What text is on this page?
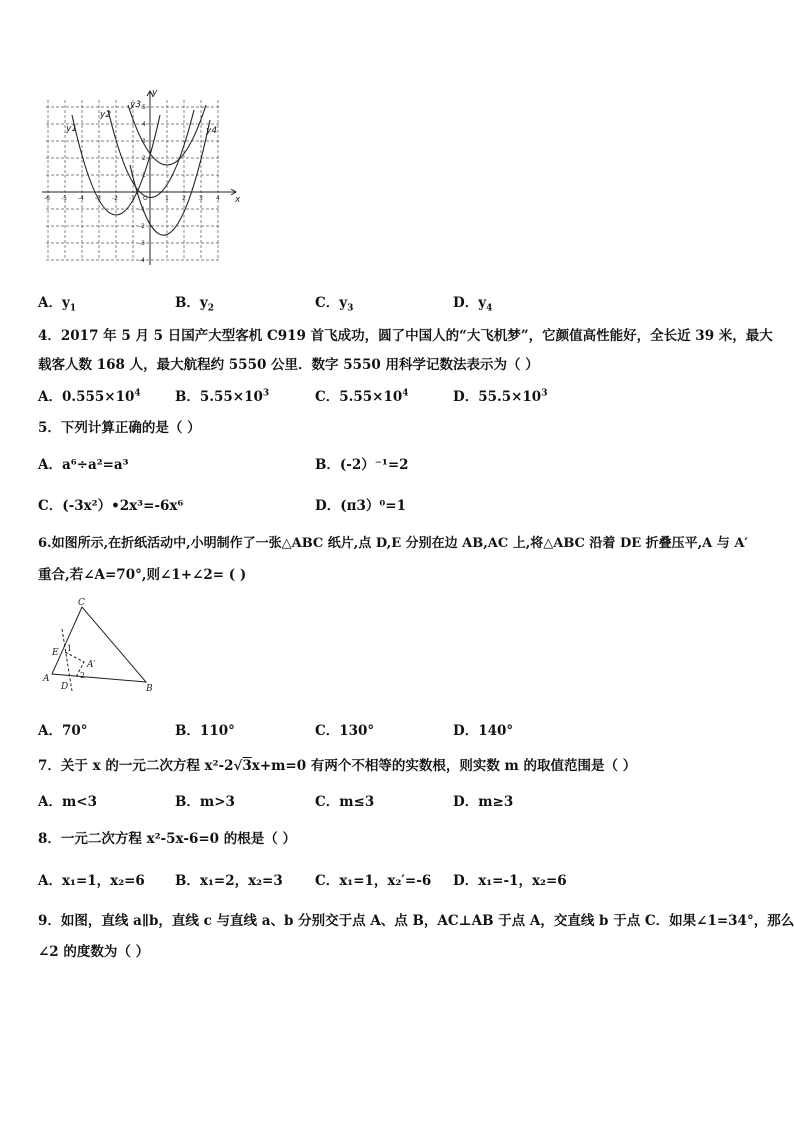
y
x
y1
y2
y3
y4
-6 -5 -4 -3 -2 -1 O	1 2 3 4
5
4
3
2
1
-1
-2
-3
-4
A．$y_1$	B．$y_2$	C．$y_3$	D．$y_4$
4．2017 年 5 月 5 日国产大型客机 C919 首飞成功，圆了中国人的“大飞机梦”，它颜值高性能好，全长近 39 米，最大
载客人数 168 人，最大航程约 5550 公里．数字 5550 用科学记数法表示为（ ）
A．$0.555\times 10^4$	B．$5.55\times 10^3$	C．$5.55\times 10^4$	D．$55.5\times 10^3$
5．下列计算正确的是（ ）
A．a⁶÷a²=a³	B．(-2）⁻¹=2
C．(-3x²）•2x³=-6x⁶	D．(π3）⁰=1
6.如图所示,在折纸活动中,小明制作了一张△ABC 纸片,点 D,E 分别在边 AB,AC 上,将△ABC 沿着 DE 折叠压平,A 与 A′
重合,若∠A=70°,则∠1+∠2= ( )
C
E
A
D	B
A′
1
2
A．70°	B．110°	C．130°	D．140°
7．关于 x 的一元二次方程 x²-2√3x+m=0 有两个不相等的实数根，则实数 m 的取值范围是（ ）
A．m<3	B．m>3	C．m≤3	D．m≥3
8．一元二次方程 x²-5x-6=0 的根是（ ）
A．x₁=1，x₂=6 B．x₁=2，x₂=3 C．x₁=1，x₂′=-6 D．x₁=-1，x₂=6
9．如图，直线 a∥b，直线 c 与直线 a、b 分别交于点 A、点 B，AC⊥AB 于点 A，交直线 b 于点 C．如果∠1=34°，那么
∠2 的度数为（ ）
